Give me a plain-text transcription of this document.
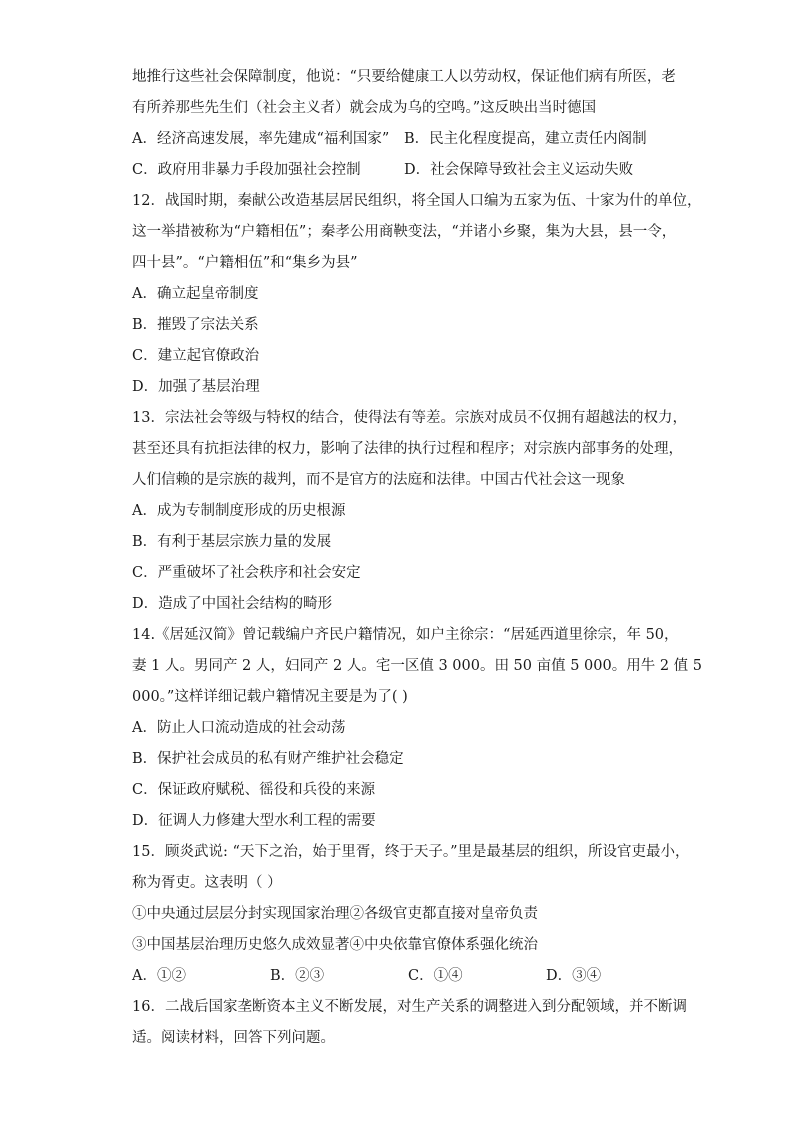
地推行这些社会保障制度，他说：“只要给健康工人以劳动权，保证他们病有所医，老
有所养那些先生们（社会主义者）就会成为乌的空鸣。”这反映出当时德国
A．经济高速发展，率先建成“福利国家”	B．民主化程度提高，建立责任内阁制
C．政府用非暴力手段加强社会控制	D．社会保障导致社会主义运动失败
12．战国时期，秦献公改造基层居民组织，将全国人口编为五家为伍、十家为什的单位，
这一举措被称为“户籍相伍”；秦孝公用商鞅变法，“并诸小乡聚，集为大县，县一令，
四十县”。“户籍相伍”和“集乡为县”
A．确立起皇帝制度
B．摧毁了宗法关系
C．建立起官僚政治
D．加强了基层治理
13．宗法社会等级与特权的结合，使得法有等差。宗族对成员不仅拥有超越法的权力，
甚至还具有抗拒法律的权力，影响了法律的执行过程和程序；对宗族内部事务的处理，
人们信赖的是宗族的裁判，而不是官方的法庭和法律。中国古代社会这一现象
A．成为专制制度形成的历史根源
B．有利于基层宗族力量的发展
C．严重破坏了社会秩序和社会安定
D．造成了中国社会结构的畸形
14.《居延汉简》曾记载编户齐民户籍情况，如户主徐宗：“居延西道里徐宗，年 50，
妻 1 人。男同产 2 人，妇同产 2 人。宅一区值 3 000。田 50 亩值 5 000。用牛 2 值 5
000。”这样详细记载户籍情况主要是为了( )
A．防止人口流动造成的社会动荡
B．保护社会成员的私有财产维护社会稳定
C．保证政府赋税、徭役和兵役的来源
D．征调人力修建大型水利工程的需要
15．顾炎武说: “天下之治，始于里胥，终于天子。”里是最基层的组织，所设官吏最小，
称为胥吏。这表明（ ）
①中央通过层层分封实现国家治理②各级官吏都直接对皇帝负责
③中国基层治理历史悠久成效显著④中央依靠官僚体系强化统治
A．①②	B．②③	C．①④	D．③④
16．二战后国家垄断资本主义不断发展，对生产关系的调整进入到分配领域，并不断调
适。阅读材料，回答下列问题。
